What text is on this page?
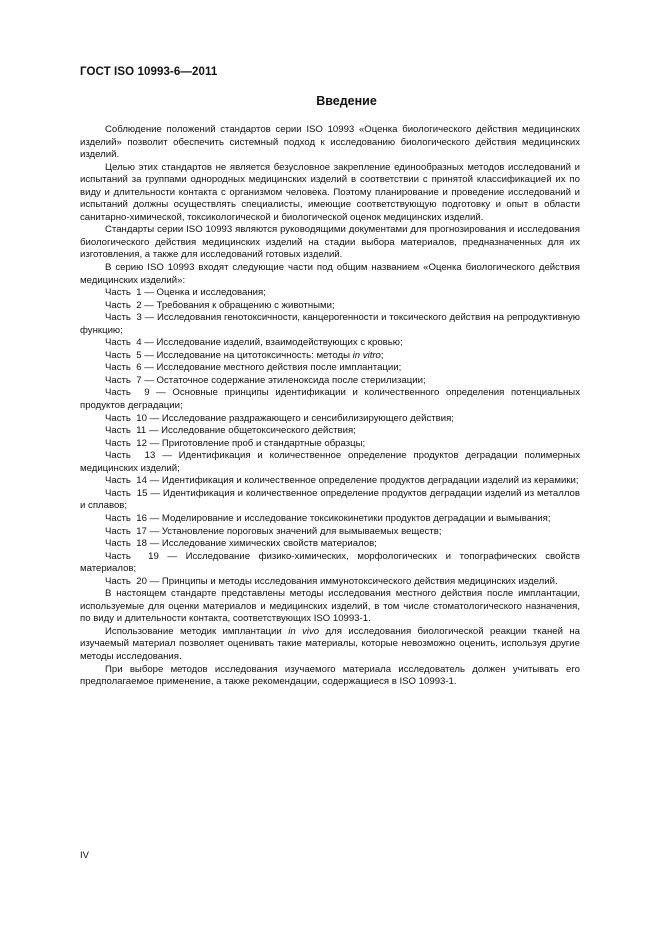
ГОСТ ISO 10993-6—2011
Введение

Соблюдение положений стандартов серии ISO 10993 «Оценка биологического действия медицинских изделий» позволит обеспечить системный подход к исследованию биологического действия медицинских изделий.

Целью этих стандартов не является безусловное закрепление единообразных методов исследований и испытаний за группами однородных медицинских изделий в соответствии с принятой классификацией их по виду и длительности контакта с организмом человека. Поэтому планирование и проведение исследований и испытаний должны осуществлять специалисты, имеющие соответствующую подготовку и опыт в области санитарно-химической, токсикологической и биологической оценок медицинских изделий.

Стандарты серии ISO 10993 являются руководящими документами для прогнозирования и исследования биологического действия медицинских изделий на стадии выбора материалов, предназначенных для их изготовления, а также для исследований готовых изделий.

В серию ISO 10993 входят следующие части под общим названием «Оценка биологического действия медицинских изделий»:

Часть  1 — Оценка и исследования;

Часть  2 — Требования к обращению с животными;

Часть  3 — Исследования генотоксичности, канцерогенности и токсического действия на репродуктивную функцию;

Часть  4 — Исследование изделий, взаимодействующих с кровью;

Часть  5 — Исследование на цитотоксичность: методы in vitro;

Часть  6 — Исследование местного действия после имплантации;

Часть  7 — Остаточное содержание этиленоксида после стерилизации;

Часть  9 — Основные принципы идентификации и количественного определения потенциальных продуктов деградации;

Часть  10 — Исследование раздражающего и сенсибилизирующего действия;

Часть  11 — Исследование общетоксического действия;

Часть  12 — Приготовление проб и стандартные образцы;

Часть  13 — Идентификация и количественное определение продуктов деградации полимерных медицинских изделий;

Часть  14 — Идентификация и количественное определение продуктов деградации изделий из керамики;

Часть  15 — Идентификация и количественное определение продуктов деградации изделий из металлов и сплавов;

Часть  16 — Моделирование и исследование токсикокинетики продуктов деградации и вымывания;

Часть  17 — Установление пороговых значений для вымываемых веществ;

Часть  18 — Исследование химических свойств материалов;

Часть  19 — Исследование физико-химических, морфологических и топографических свойств материалов;

Часть  20 — Принципы и методы исследования иммунотоксического действия медицинских изделий.

В настоящем стандарте представлены методы исследования местного действия после имплантации, используемые для оценки материалов и медицинских изделий, в том числе стоматологического назначения, по виду и длительности контакта, соответствующих ISO 10993-1.

Использование методик имплантации in vivo для исследования биологической реакции тканей на изучаемый материал позволяет оценивать такие материалы, которые невозможно оценить, используя другие методы исследования.

При выборе методов исследования изучаемого материала исследователь должен учитывать его предполагаемое применение, а также рекомендации, содержащиеся в ISO 10993-1.

IV
